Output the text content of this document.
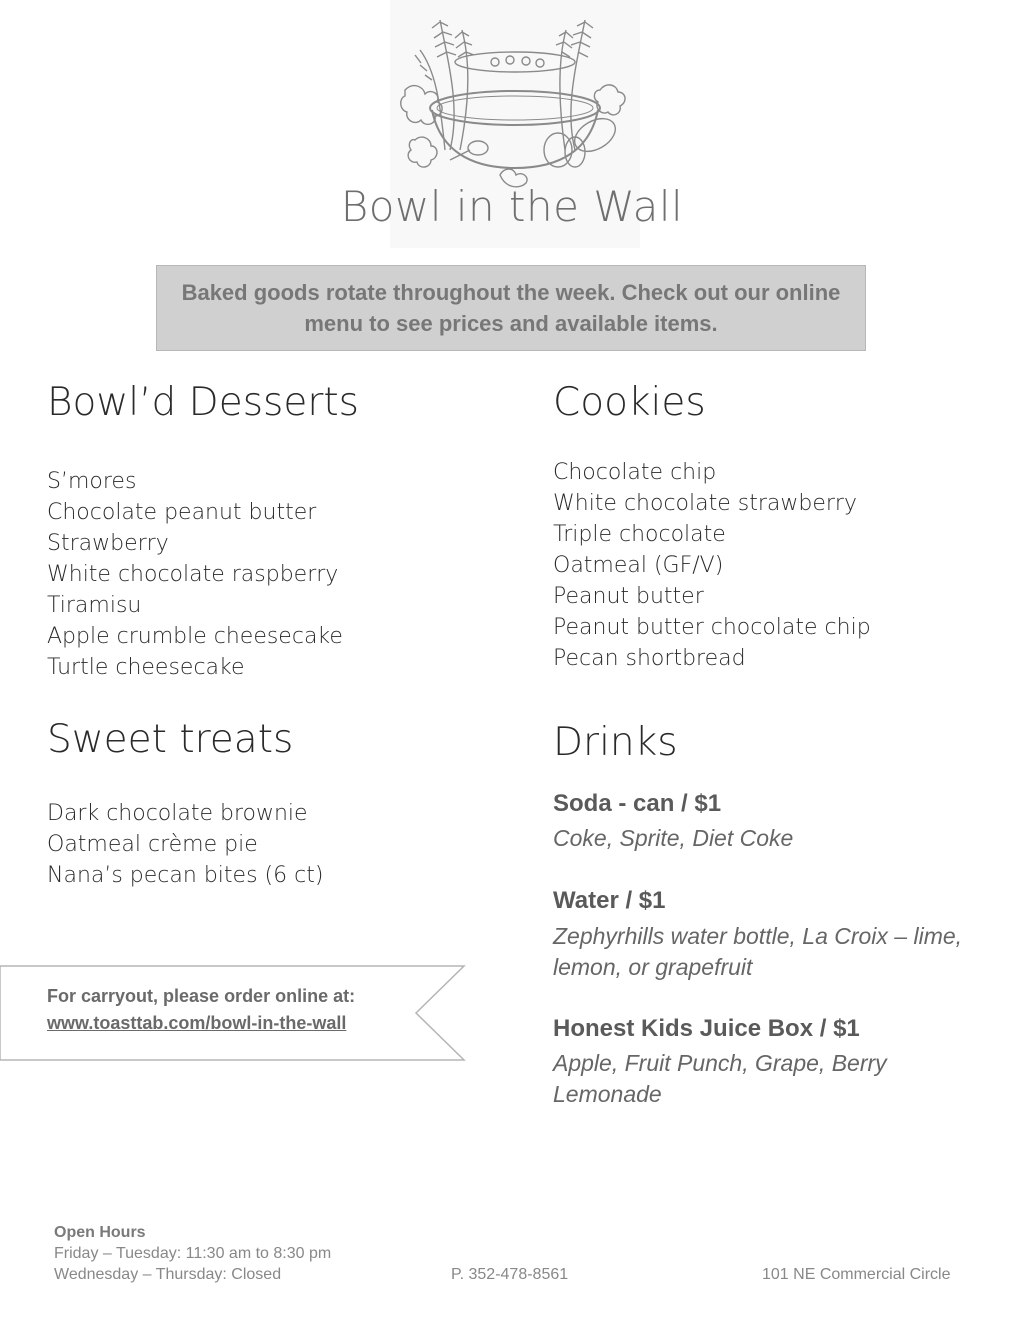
Bowl in the Wall
Baked goods rotate throughout the week. Check out our online menu to see prices and available items.
Bowl’d Desserts
S’mores
Chocolate peanut butter
Strawberry
White chocolate raspberry
Tiramisu
Apple crumble cheesecake
Turtle cheesecake
Cookies
Chocolate chip
White chocolate strawberry
Triple chocolate
Oatmeal (GF/V)
Peanut butter
Peanut butter chocolate chip
Pecan shortbread
Sweet treats
Dark chocolate brownie
Oatmeal crème pie
Nana’s pecan bites (6 ct)
Drinks
Soda - can / $1
Coke, Sprite, Diet Coke
Water / $1
Zephyrhills water bottle, La Croix – lime, lemon, or grapefruit
Honest Kids Juice Box / $1
Apple, Fruit Punch, Grape, Berry Lemonade
For carryout, please order online at:
www.toasttab.com/bowl-in-the-wall
Open Hours
Friday – Tuesday: 11:30 am to 8:30 pm
Wednesday – Thursday: Closed	P. 352-478-8561	101 NE Commercial Circle
